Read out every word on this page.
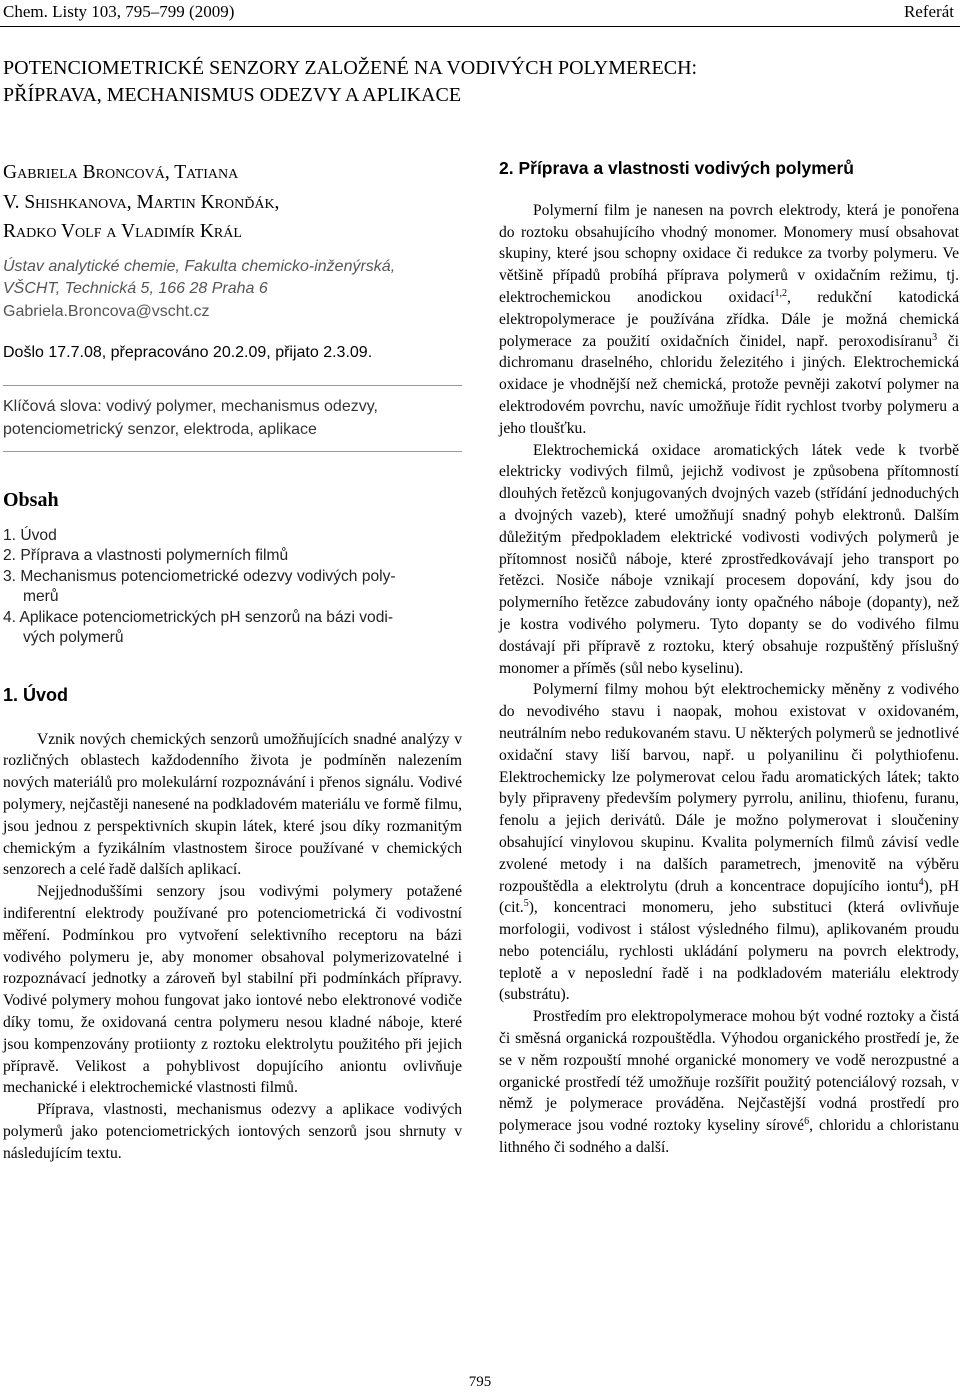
Chem. Listy 103, 795–799 (2009)	Referát
POTENCIOMETRICKÉ SENZORY ZALOŽENÉ NA VODIVÝCH POLYMERECH:
PŘÍPRAVA, MECHANISMUS ODEZVY A APLIKACE
Gabriela Broncová, Tatiana
V. Shishkanova, Martin Kronďák,
Radko Volf a Vladimír Král
Ústav analytické chemie, Fakulta chemicko-inženýrská,
VŠCHT, Technická 5, 166 28 Praha 6
Gabriela.Broncova@vscht.cz
Došlo 17.7.08, přepracováno 20.2.09, přijato 2.3.09.
Klíčová slova: vodivý polymer, mechanismus odezvy,
potenciometrický senzor, elektroda, aplikace
Obsah
1. Úvod
2. Příprava a vlastnosti polymerních filmů
3. Mechanismus potenciometrické odezvy vodivých poly-
merů
4. Aplikace potenciometrických pH senzorů na bázi vodi-
vých polymerů
1. Úvod

Vznik nových chemických senzorů umožňujících snadné analýzy v rozličných oblastech každodenního života je podmíněn nalezením nových materiálů pro molekulární rozpoznávání i přenos signálu. Vodivé polymery, nejčastěji nanesené na podkladovém materiálu ve formě filmu, jsou jednou z perspektivních skupin látek, které jsou díky rozmanitým chemickým a fyzikálním vlastnostem široce používané v chemických senzorech a celé řadě dalších aplikací.

Nejjednoduššími senzory jsou vodivými polymery potažené indiferentní elektrody používané pro potenciometrická či vodivostní měření. Podmínkou pro vytvoření selektivního receptoru na bázi vodivého polymeru je, aby monomer obsahoval polymerizovatelné i rozpoznávací jednotky a zároveň byl stabilní při podmínkách přípravy. Vodivé polymery mohou fungovat jako iontové nebo elektronové vodiče díky tomu, že oxidovaná centra polymeru nesou kladné náboje, které jsou kompenzovány protiionty z roztoku elektrolytu použitého při jejich přípravě. Velikost a pohyblivost dopujícího aniontu ovlivňuje mechanické i elektrochemické vlastnosti filmů.

Příprava, vlastnosti, mechanismus odezvy a aplikace vodivých polymerů jako potenciometrických iontových senzorů jsou shrnuty v následujícím textu.

2. Příprava a vlastnosti vodivých polymerů

Polymerní film je nanesen na povrch elektrody, která je ponořena do roztoku obsahujícího vhodný monomer. Monomery musí obsahovat skupiny, které jsou schopny oxidace či redukce za tvorby polymeru. Ve většině případů probíhá příprava polymerů v oxidačním režimu, tj. elektrochemickou anodickou oxidací$^{1,2}$, redukční katodická elektropolymerace je používána zřídka. Dále je možná chemická polymerace za použití oxidačních činidel, např. peroxodisíranu$^3$ či dichromanu draselného, chloridu železitého i jiných. Elektrochemická oxidace je vhodnější než chemická, protože pevněji zakotví polymer na elektrodovém povrchu, navíc umožňuje řídit rychlost tvorby polymeru a jeho tloušťku.

Elektrochemická oxidace aromatických látek vede k tvorbě elektricky vodivých filmů, jejichž vodivost je způsobena přítomností dlouhých řetězců konjugovaných dvojných vazeb (střídání jednoduchých a dvojných vazeb), které umožňují snadný pohyb elektronů. Dalším důležitým předpokladem elektrické vodivosti vodivých polymerů je přítomnost nosičů náboje, které zprostředkovávají jeho transport po řetězci. Nosiče náboje vznikají procesem dopování, kdy jsou do polymerního řetězce zabudovány ionty opačného náboje (dopanty), než je kostra vodivého polymeru. Tyto dopanty se do vodivého filmu dostávají při přípravě z roztoku, který obsahuje rozpuštěný příslušný monomer a příměs (sůl nebo kyselinu).

Polymerní filmy mohou být elektrochemicky měněny z vodivého do nevodivého stavu i naopak, mohou existovat v oxidovaném, neutrálním nebo redukovaném stavu. U některých polymerů se jednotlivé oxidační stavy liší barvou, např. u polyanilinu či polythiofenu. Elektrochemicky lze polymerovat celou řadu aromatických látek; takto byly připraveny především polymery pyrrolu, anilinu, thiofenu, furanu, fenolu a jejich derivátů. Dále je možno polymerovat i sloučeniny obsahující vinylovou skupinu. Kvalita polymerních filmů závisí vedle zvolené metody i na dalších parametrech, jmenovitě na výběru rozpouštědla a elektrolytu (druh a koncentrace dopujícího iontu$^4$), pH (cit.$^5$), koncentraci monomeru, jeho substituci (která ovlivňuje morfologii, vodivost i stálost výsledného filmu), aplikovaném proudu nebo potenciálu, rychlosti ukládání polymeru na povrch elektrody, teplotě a v neposlední řadě i na podkladovém materiálu elektrody (substrátu).

Prostředím pro elektropolymerace mohou být vodné roztoky a čistá či směsná organická rozpouštědla. Výhodou organického prostředí je, že se v něm rozpouští mnohé organické monomery ve vodě nerozpustné a organické prostředí též umožňuje rozšířit použitý potenciálový rozsah, v němž je polymerace prováděna. Nejčastější vodná prostředí pro polymerace jsou vodné roztoky kyseliny sírové$^6$, chloridu a chloristanu lithného či sodného a další.

795
